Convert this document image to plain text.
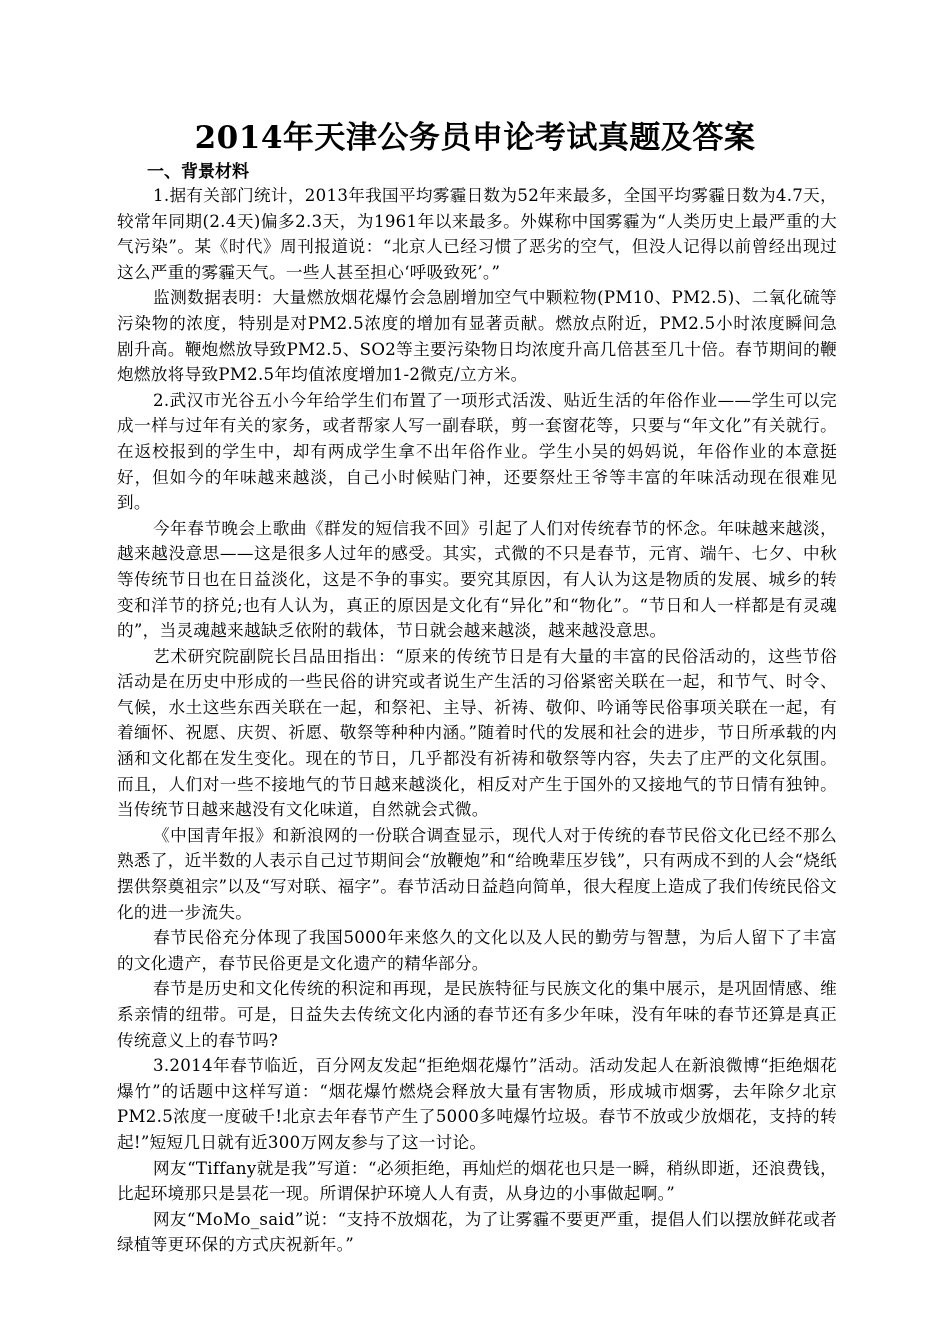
2014年天津公务员申论考试真题及答案
一、背景材料

1.据有关部门统计，2013年我国平均雾霾日数为52年来最多，全国平均雾霾日数为4.7天，较常年同期(2.4天)偏多2.3天，为1961年以来最多。外媒称中国雾霾为“人类历史上最严重的大气污染”。某《时代》周刊报道说：“北京人已经习惯了恶劣的空气，但没人记得以前曾经出现过这么严重的雾霾天气。一些人甚至担心‘呼吸致死’。”

监测数据表明：大量燃放烟花爆竹会急剧增加空气中颗粒物(PM10、PM2.5)、二氧化硫等污染物的浓度，特别是对PM2.5浓度的增加有显著贡献。燃放点附近，PM2.5小时浓度瞬间急剧升高。鞭炮燃放导致PM2.5、SO2等主要污染物日均浓度升高几倍甚至几十倍。春节期间的鞭炮燃放将导致PM2.5年均值浓度增加1-2微克/立方米。

2.武汉市光谷五小今年给学生们布置了一项形式活泼、贴近生活的年俗作业——学生可以完成一样与过年有关的家务，或者帮家人写一副春联，剪一套窗花等，只要与“年文化”有关就行。在返校报到的学生中，却有两成学生拿不出年俗作业。学生小吴的妈妈说，年俗作业的本意挺好，但如今的年味越来越淡，自己小时候贴门神，还要祭灶王爷等丰富的年味活动现在很难见到。

今年春节晚会上歌曲《群发的短信我不回》引起了人们对传统春节的怀念。年味越来越淡，越来越没意思——这是很多人过年的感受。其实，式微的不只是春节，元宵、端午、七夕、中秋等传统节日也在日益淡化，这是不争的事实。要究其原因，有人认为这是物质的发展、城乡的转变和洋节的挤兑;也有人认为，真正的原因是文化有“异化”和“物化”。“节日和人一样都是有灵魂的”，当灵魂越来越缺乏依附的载体，节日就会越来越淡，越来越没意思。

艺术研究院副院长吕品田指出：“原来的传统节日是有大量的丰富的民俗活动的，这些节俗活动是在历史中形成的一些民俗的讲究或者说生产生活的习俗紧密关联在一起，和节气、时令、气候，水土这些东西关联在一起，和祭祀、主导、祈祷、敬仰、吟诵等民俗事项关联在一起，有着缅怀、祝愿、庆贺、祈愿、敬祭等种种内涵。”随着时代的发展和社会的进步，节日所承载的内涵和文化都在发生变化。现在的节日，几乎都没有祈祷和敬祭等内容，失去了庄严的文化氛围。而且，人们对一些不接地气的节日越来越淡化，相反对产生于国外的又接地气的节日情有独钟。当传统节日越来越没有文化味道，自然就会式微。

《中国青年报》和新浪网的一份联合调查显示，现代人对于传统的春节民俗文化已经不那么熟悉了，近半数的人表示自己过节期间会“放鞭炮”和“给晚辈压岁钱”，只有两成不到的人会“烧纸摆供祭奠祖宗”以及“写对联、福字”。春节活动日益趋向简单，很大程度上造成了我们传统民俗文化的进一步流失。

春节民俗充分体现了我国5000年来悠久的文化以及人民的勤劳与智慧，为后人留下了丰富的文化遗产，春节民俗更是文化遗产的精华部分。

春节是历史和文化传统的积淀和再现，是民族特征与民族文化的集中展示，是巩固情感、维系亲情的纽带。可是，日益失去传统文化内涵的春节还有多少年味，没有年味的春节还算是真正传统意义上的春节吗?

3.2014年春节临近，百分网友发起“拒绝烟花爆竹”活动。活动发起人在新浪微博“拒绝烟花爆竹”的话题中这样写道：“烟花爆竹燃烧会释放大量有害物质，形成城市烟雾，去年除夕北京PM2.5浓度一度破千!北京去年春节产生了5000多吨爆竹垃圾。春节不放或少放烟花，支持的转起!”短短几日就有近300万网友参与了这一讨论。

网友“Tiffany就是我”写道：“必须拒绝，再灿烂的烟花也只是一瞬，稍纵即逝，还浪费钱，比起环境那只是昙花一现。所谓保护环境人人有责，从身边的小事做起啊。”

网友“MoMo_said”说：“支持不放烟花，为了让雾霾不要更严重，提倡人们以摆放鲜花或者绿植等更环保的方式庆祝新年。”
